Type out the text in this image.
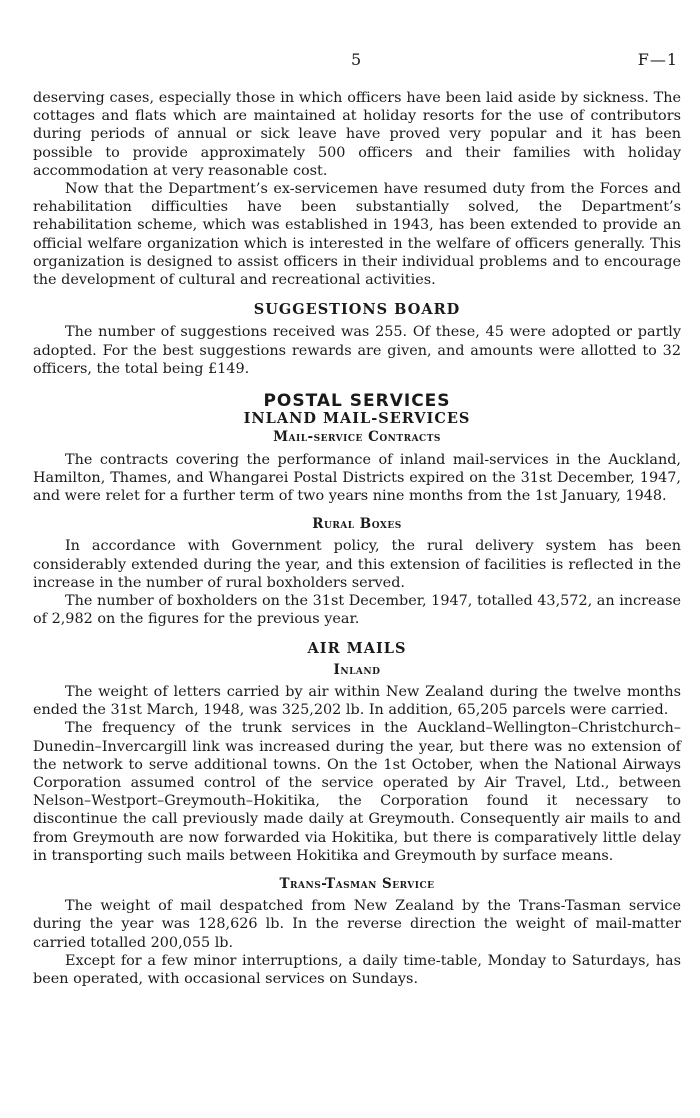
5	F—1

deserving cases, especially those in which officers have been laid aside by sickness. The cottages and flats which are maintained at holiday resorts for the use of contributors during periods of annual or sick leave have proved very popular and it has been possible to provide approximately 500 officers and their families with holiday accommodation at very reasonable cost.

Now that the Department’s ex-servicemen have resumed duty from the Forces and rehabilitation difficulties have been substantially solved, the Department’s rehabilitation scheme, which was established in 1943, has been extended to provide an official welfare organization which is interested in the welfare of officers generally. This organization is designed to assist officers in their individual problems and to encourage the development of cultural and recreational activities.

SUGGESTIONS BOARD

The number of suggestions received was 255. Of these, 45 were adopted or partly adopted. For the best suggestions rewards are given, and amounts were allotted to 32 officers, the total being £149.

POSTAL SERVICES
INLAND MAIL-SERVICES
Mail-service Contracts

The contracts covering the performance of inland mail-services in the Auckland, Hamilton, Thames, and Whangarei Postal Districts expired on the 31st December, 1947, and were relet for a further term of two years nine months from the 1st January, 1948.

Rural Boxes

In accordance with Government policy, the rural delivery system has been considerably extended during the year, and this extension of facilities is reflected in the increase in the number of rural boxholders served.

The number of boxholders on the 31st December, 1947, totalled 43,572, an increase of 2,982 on the figures for the previous year.

AIR MAILS
Inland

The weight of letters carried by air within New Zealand during the twelve months ended the 31st March, 1948, was 325,202 lb. In addition, 65,205 parcels were carried.

The frequency of the trunk services in the Auckland–Wellington–Christchurch–Dunedin–Invercargill link was increased during the year, but there was no extension of the network to serve additional towns. On the 1st October, when the National Airways Corporation assumed control of the service operated by Air Travel, Ltd., between Nelson–Westport–Greymouth–Hokitika, the Corporation found it necessary to discontinue the call previously made daily at Greymouth. Consequently air mails to and from Greymouth are now forwarded via Hokitika, but there is comparatively little delay in transporting such mails between Hokitika and Greymouth by surface means.

Trans-Tasman Service

The weight of mail despatched from New Zealand by the Trans-Tasman service during the year was 128,626 lb. In the reverse direction the weight of mail-matter carried totalled 200,055 lb.

Except for a few minor interruptions, a daily time-table, Monday to Saturdays, has been operated, with occasional services on Sundays.
